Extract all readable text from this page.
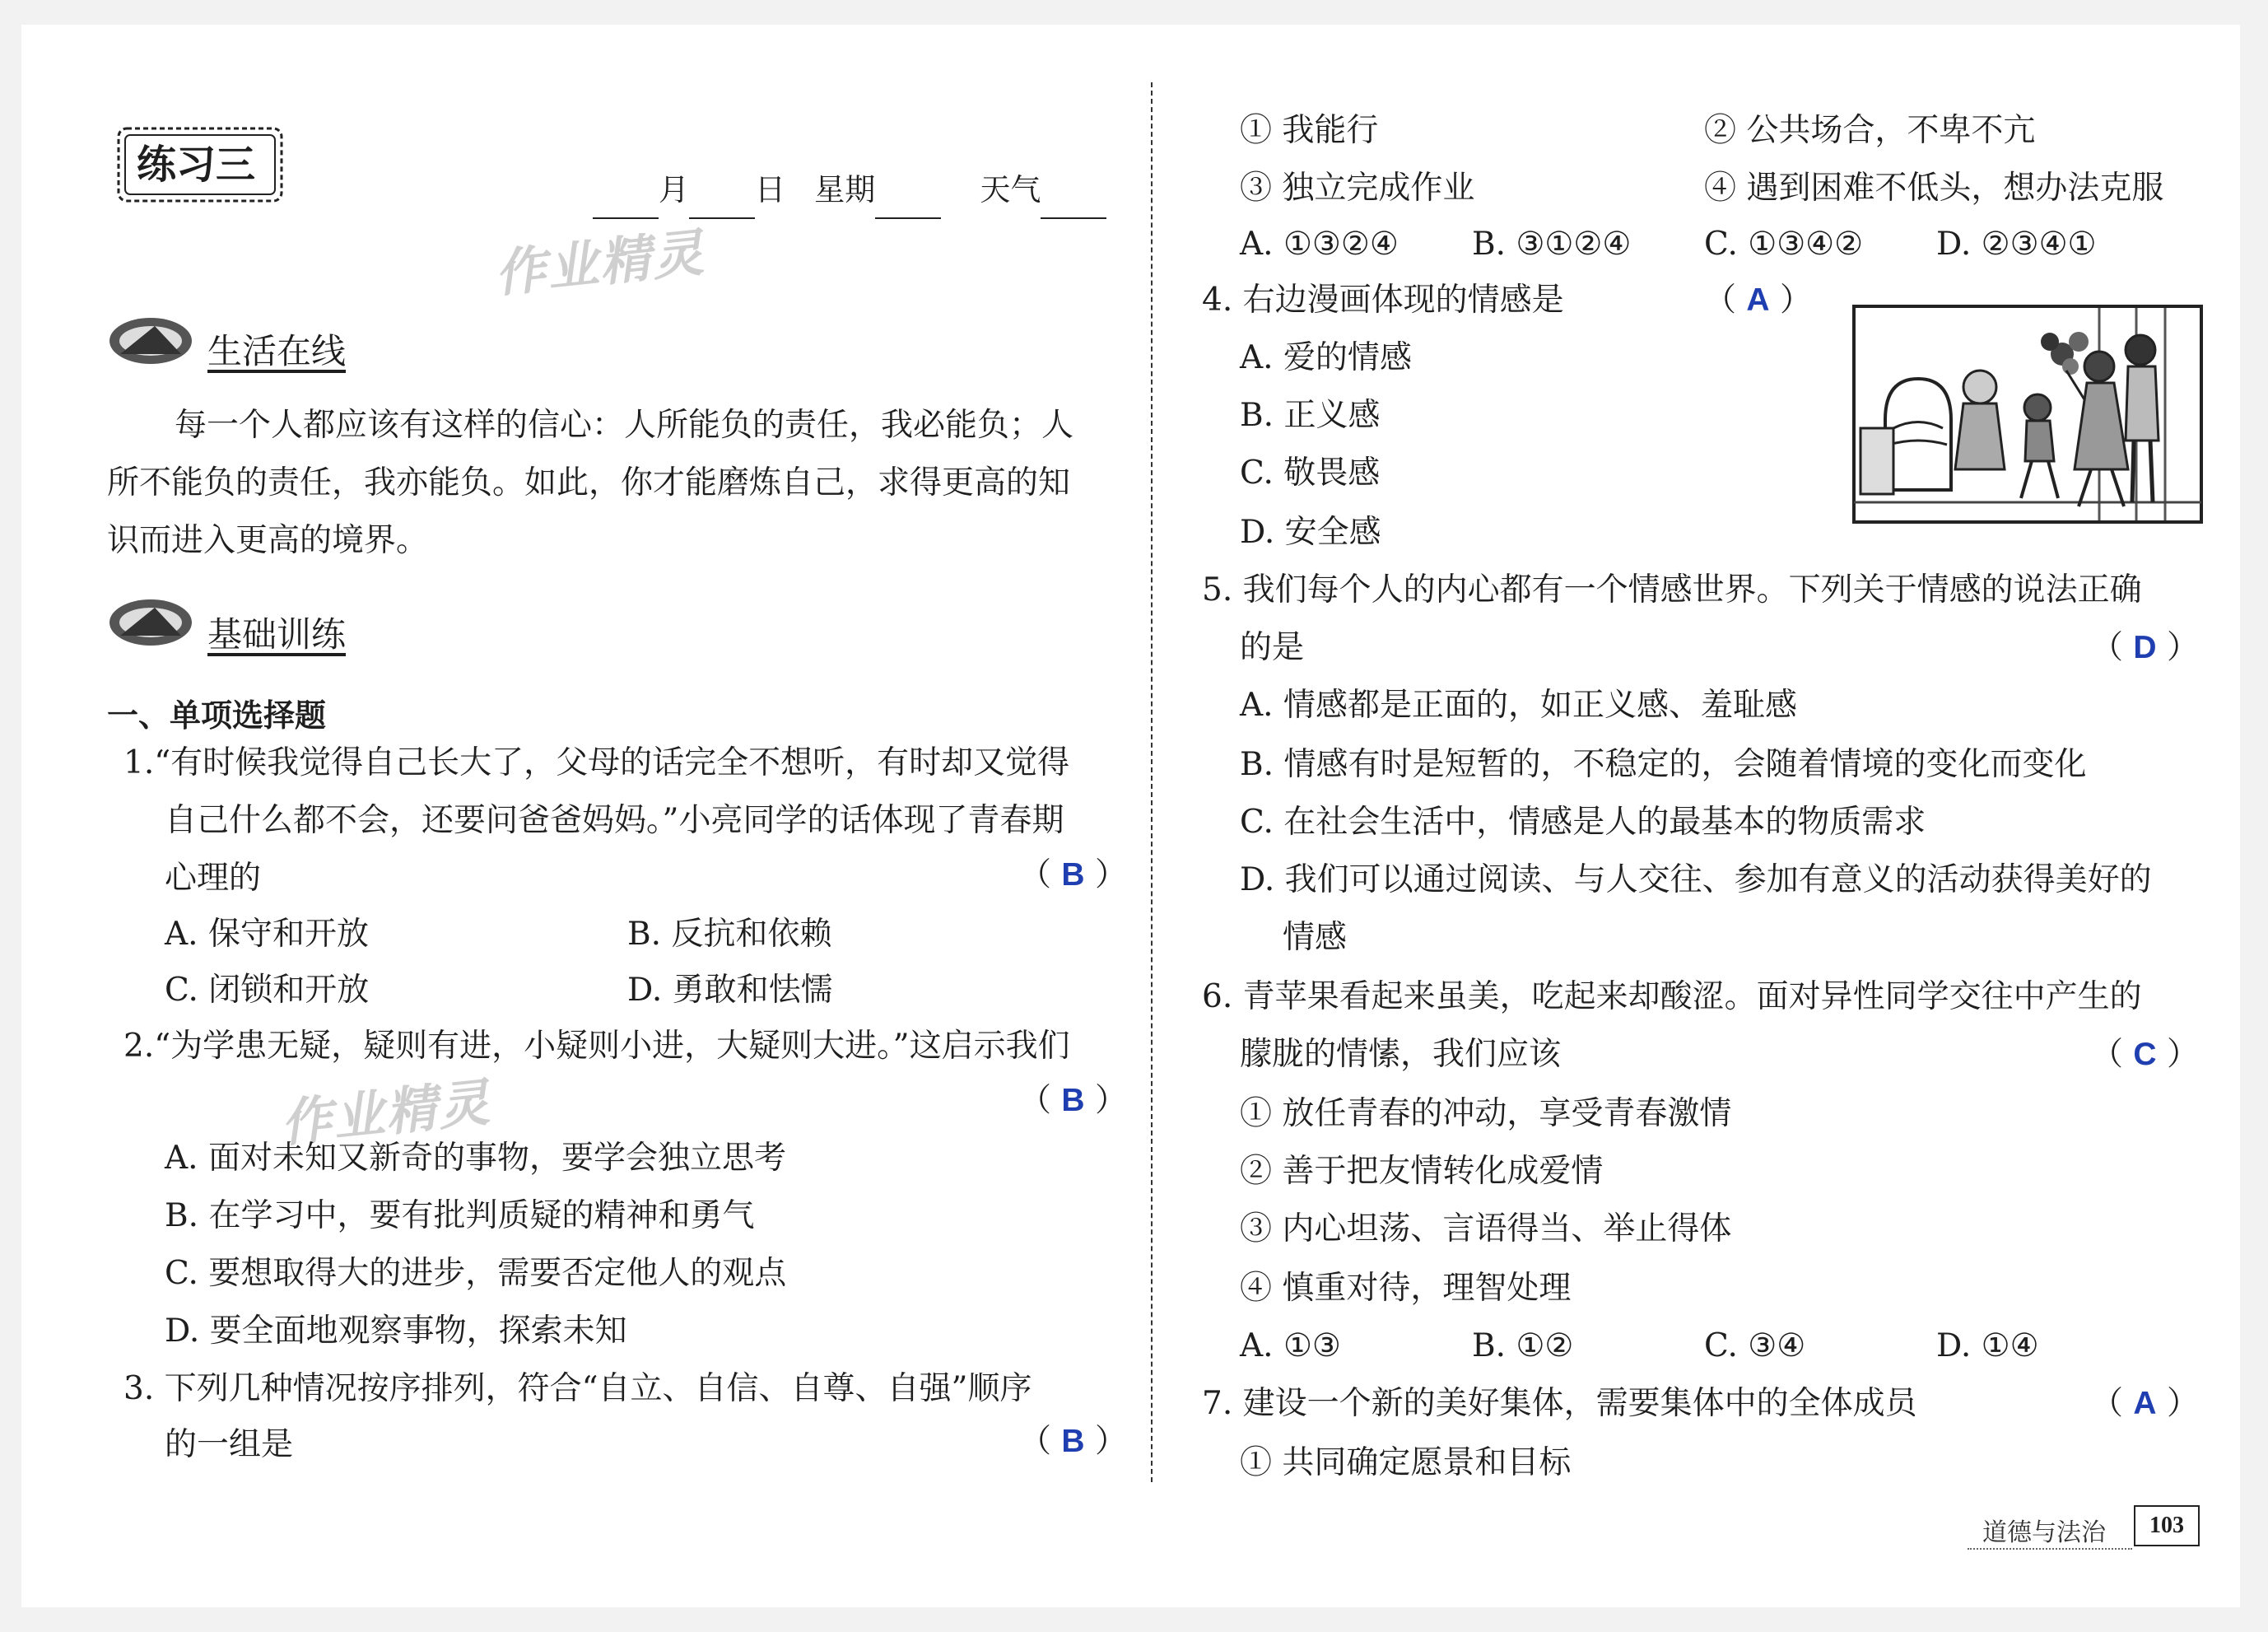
练习三
月 日 星期	天气
作业精灵
作业精灵
生活在线
每一个人都应该有这样的信心：人所能负的责任，我必能负；人
所不能负的责任，我亦能负。如此，你才能磨炼自己，求得更高的知
识而进入更高的境界。
基础训练
一、单项选择题
1.“有时候我觉得自己长大了，父母的话完全不想听，有时却又觉得
自己什么都不会，还要问爸爸妈妈。”小亮同学的话体现了青春期
心理的	（ B ）
A. 保守和开放	B. 反抗和依赖
C. 闭锁和开放	D. 勇敢和怯懦
2.“为学患无疑，疑则有进，小疑则小进，大疑则大进。”这启示我们
（ B ）
A. 面对未知又新奇的事物，要学会独立思考
B. 在学习中，要有批判质疑的精神和勇气
C. 要想取得大的进步，需要否定他人的观点
D. 要全面地观察事物，探索未知
3. 下列几种情况按序排列，符合“自立、自信、自尊、自强”顺序
的一组是	（ B ）
① 我能行	② 公共场合，不卑不亢
③ 独立完成作业	④ 遇到困难不低头，想办法克服
A. ①③②④ B. ③①②④ C. ①③④② D. ②③④①
4. 右边漫画体现的情感是	（ A ）
A. 爱的情感
B. 正义感
C. 敬畏感
D. 安全感
5. 我们每个人的内心都有一个情感世界。下列关于情感的说法正确
的是	（ D ）
A. 情感都是正面的，如正义感、羞耻感
B. 情感有时是短暂的，不稳定的，会随着情境的变化而变化
C. 在社会生活中，情感是人的最基本的物质需求
D. 我们可以通过阅读、与人交往、参加有意义的活动获得美好的
情感
6. 青苹果看起来虽美，吃起来却酸涩。面对异性同学交往中产生的
朦胧的情愫，我们应该	（ C ）
① 放任青春的冲动，享受青春激情
② 善于把友情转化成爱情
③ 内心坦荡、言语得当、举止得体
④ 慎重对待，理智处理
A. ①③	B. ①②	C. ③④	D. ①④
7. 建设一个新的美好集体，需要集体中的全体成员	（ A ）
① 共同确定愿景和目标
道德与法治	103
